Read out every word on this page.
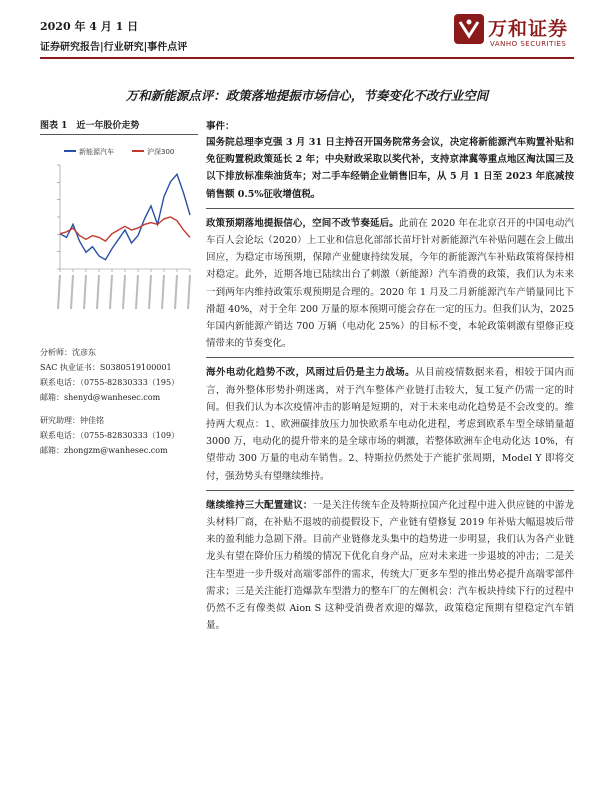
2020 年 4 月 1 日
证券研究报告|行业研究|事件点评
万和证券
VANHO SECURITIES
万和新能源点评：政策落地提振市场信心，节奏变化不改行业空间
图表 1　近一年股价走势
新能源汽车	沪深300
分析师：沈彦东
SAC 执业证书：S0380519100001
联系电话：（0755-82830333（195）
邮箱：shenyd@wanhesec.com
研究助理：钟佳铭
联系电话：（0755-82830333（109）
邮箱：zhongzm@wanhesec.com
事件：

国务院总理李克强 3 月 31 日主持召开国务院常务会议，决定将新能源汽车购置补贴和免征购置税政策延长 2 年；中央财政采取以奖代补，支持京津冀等重点地区淘汰国三及以下排放标准柴油货车；对二手车经销企业销售旧车，从 5 月 1 日至 2023 年底减按销售额 0.5%征收增值税。

政策预期落地提振信心，空间不改节奏延后。此前在 2020 年在北京召开的中国电动汽车百人会论坛（2020）上工业和信息化部部长苗圩针对新能源汽车补贴问题在会上做出回应，为稳定市场预期，保障产业健康持续发展，今年的新能源汽车补贴政策将保持相对稳定。此外，近期各地已陆续出台了刺激（新能源）汽车消费的政策，我们认为未来一到两年内维持政策乐观预期是合理的。2020 年 1 月及二月新能源汽车产销量同比下滑超 40%，对于全年 200 万量的原本预期可能会存在一定的压力。但我们认为，2025 年国内新能源产销达 700 万辆（电动化 25%）的目标不变，本轮政策刺激有望修正疫情带来的节奏变化。

海外电动化趋势不改，风雨过后仍是主力战场。从目前疫情数据来看，相较于国内而言，海外整体形势扑朔迷离，对于汽车整体产业链打击较大，复工复产仍需一定的时间。但我们认为本次疫情冲击的影响是短期的，对于未来电动化趋势是不会改变的。维持两大观点：1、欧洲碳排放压力加快欧系车电动化进程，考虑到欧系车型全球销量超 3000 万，电动化的提升带来的是全球市场的刺激，若整体欧洲车企电动化达 10%，有望带动 300 万量的电动车销售。2、特斯拉仍然处于产能扩张周期，Model Y 即将交付，强劲势头有望继续维持。

继续维持三大配置建议：一是关注传统车企及特斯拉国产化过程中进入供应链的中游龙头材料厂商，在补贴不退坡的前提假设下，产业链有望修复 2019 年补贴大幅退坡后带来的盈利能力急剧下滑。目前产业链修龙头集中的趋势进一步明显，我们认为各产业链龙头有望在降价压力稍缓的情况下优化自身产品，应对未来进一步退坡的冲击；二是关注车型进一步升级对高端零部件的需求，传统大厂更多车型的推出势必提升高端零部件需求；三是关注能打造爆款车型潜力的整车厂的左侧机会：汽车板块持续下行的过程中仍然不乏有像类似 Aion S 这种受消费者欢迎的爆款，政策稳定预期有望稳定汽车销量。
